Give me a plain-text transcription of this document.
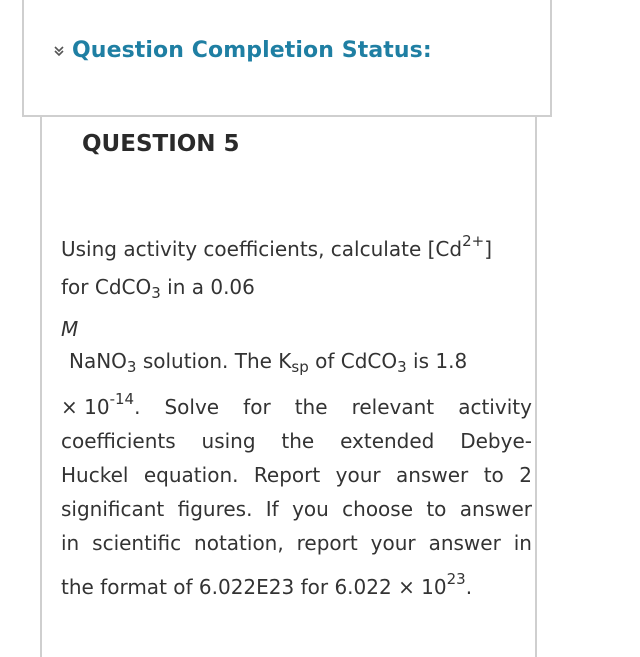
Question Completion Status:
QUESTION 5
Using activity coefficients, calculate $[Cd^{2+}]$
for CdCO$_3$ in a 0.06
M
NaNO$_3$ solution. The $K_{sp}$ of CdCO$_3$ is 1.8
× $10^{-14}$. Solve for the relevant activity
coefficients using the extended Debye-
Huckel equation. Report your answer to 2
significant figures. If you choose to answer
in scientific notation, report your answer in
the format of 6.022E23 for $6.022 \times 10^{23}$.
